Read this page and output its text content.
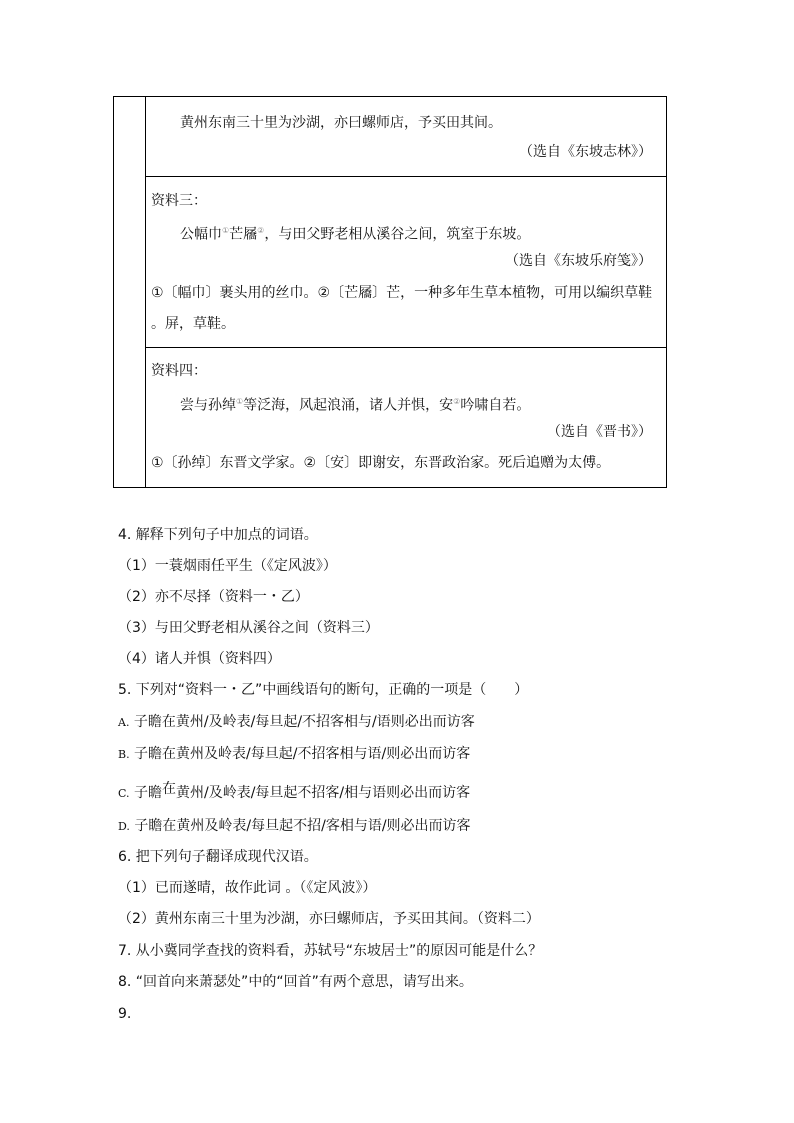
黄州东南三十里为沙湖，亦曰螺师店，予买田其间。
（选自《东坡志林》）
资料三：
公幅巾①芒屩②，与田父野老相从溪谷之间，筑室于东坡。
（选自《东坡乐府笺》）
①〔幅巾〕裹头用的丝巾。②〔芒屩〕芒，一种多年生草本植物，可用以编织草鞋
。屏，草鞋。
资料四：
尝与孙绰①等泛海，风起浪涌，诸人并惧，安②吟啸自若。
（选自《晋书》）
①〔孙绰〕东晋文学家。②〔安〕即谢安，东晋政治家。死后追赠为太傅。
4. 解释下列句子中加点的词语。
（1）一蓑烟雨任平生（《定风波》）
（2）亦不尽择（资料一・乙）
（3）与田父野老相从溪谷之间（资料三）
（4）诸人并惧（资料四）
5. 下列对“资料一・乙”中画线语句的断句，正确的一项是（　　）
A. 子瞻在黄州/及岭表/每旦起/不招客相与/语则必出而访客
B. 子瞻在黄州及岭表/每旦起/不招客相与语/则必出而访客
C. 子瞻在黄州/及岭表/每旦起不招客/相与语则必出而访客
D. 子瞻在黄州及岭表/每旦起不招/客相与语/则必出而访客
6. 把下列句子翻译成现代汉语。
（1）已而遂晴，故作此词 。（《定风波》）
（2）黄州东南三十里为沙湖，亦曰螺师店，予买田其间。（资料二）
7. 从小冀同学查找的资料看，苏轼号“东坡居士”的原因可能是什么？
8. “回首向来萧瑟处”中的“回首”有两个意思，请写出来。
9.
